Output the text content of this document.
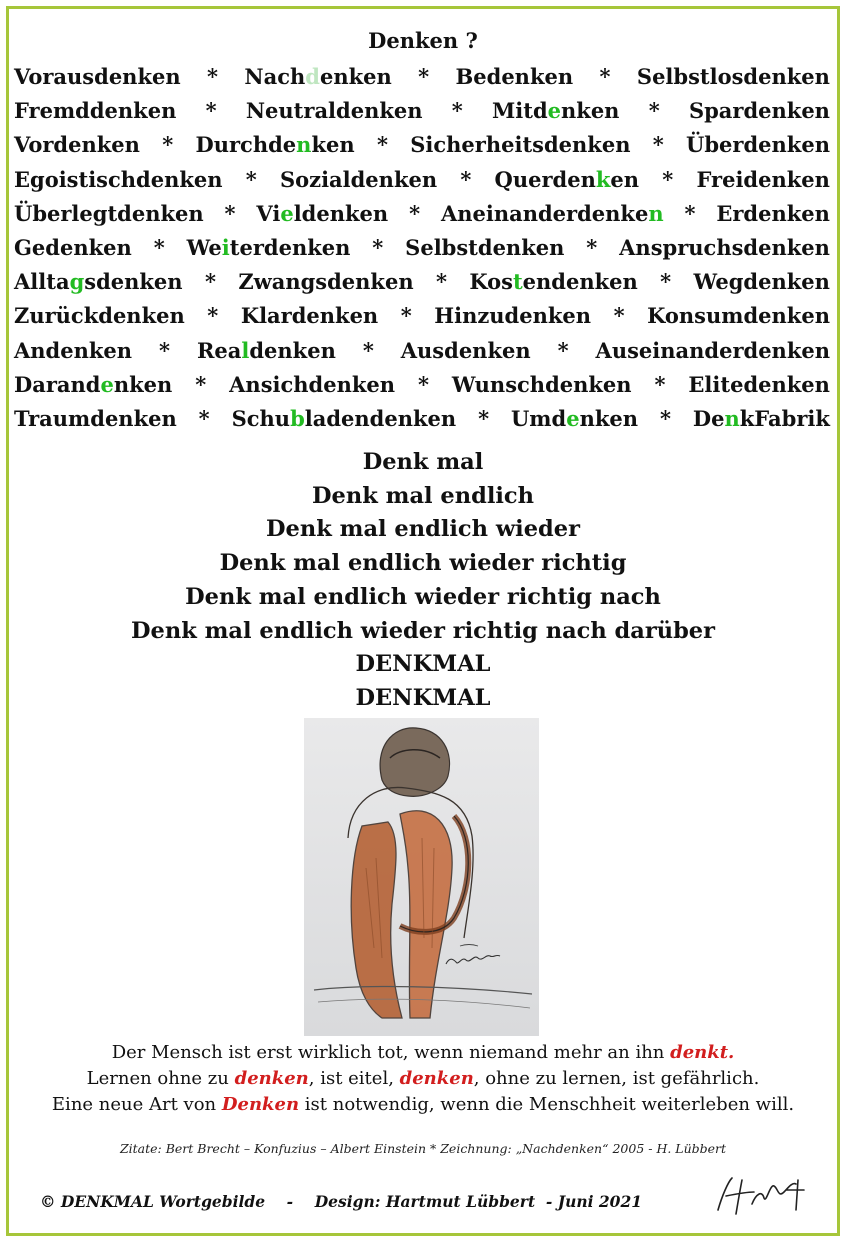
Denken ?
Vorausdenken * Nachdenken * Bedenken * Selbstlosdenken
Fremddenken * Neutraldenken * Mitdenken * Spardenken
Vordenken * Durchdenken * Sicherheitsdenken * Überdenken
Egoistischdenken * Sozialdenken * Querdenken * Freidenken
Überlegtdenken * Vieldenken * Aneinanderdenken * Erdenken
Gedenken * Weiterdenken * Selbstdenken * Anspruchsdenken
Alltagsdenken * Zwangsdenken * Kostendenken * Wegdenken
Zurückdenken * Klardenken * Hinzudenken * Konsumdenken
Andenken * Realdenken * Ausdenken * Auseinanderdenken
Darandenken * Ansichdenken * Wunschdenken * Elitedenken
Traumdenken * Schubladendenken * Umdenken * DenkFabrik
Denk mal
Denk mal endlich
Denk mal endlich wieder
Denk mal endlich wieder richtig
Denk mal endlich wieder richtig nach
Denk mal endlich wieder richtig nach darüber
DENKMAL
DENKMAL
Der Mensch ist erst wirklich tot, wenn niemand mehr an ihn denkt.
Lernen ohne zu denken, ist eitel, denken, ohne zu lernen, ist gefährlich.
Eine neue Art von Denken ist notwendig, wenn die Menschheit weiterleben will.
Zitate: Bert Brecht – Konfuzius – Albert Einstein * Zeichnung: „Nachdenken“ 2005 - H. Lübbert
© DENKMAL Wortgebilde    -    Design: Hartmut Lübbert  - Juni 2021
